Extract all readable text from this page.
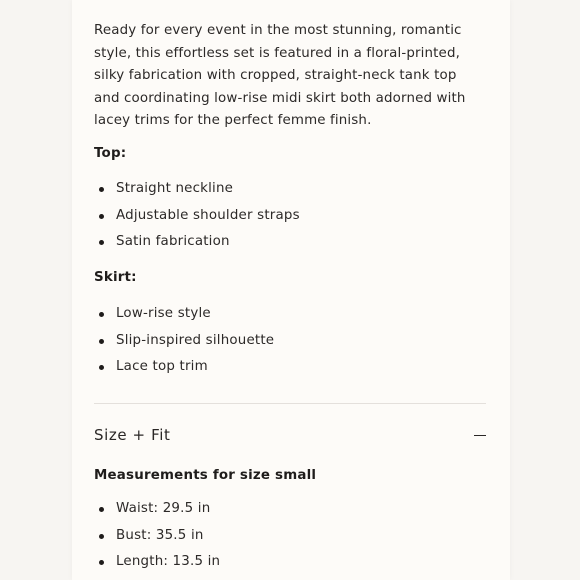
Ready for every event in the most stunning, romantic style, this effortless set is featured in a floral-printed, silky fabrication with cropped, straight-neck tank top and coordinating low-rise midi skirt both adorned with lacey trims for the perfect femme finish.

Top:
Straight neckline
Adjustable shoulder straps
Satin fabrication
Skirt:
Low-rise style
Slip-inspired silhouette
Lace top trim
Size + Fit
Measurements for size small
Waist: 29.5 in
Bust: 35.5 in
Length: 13.5 in
